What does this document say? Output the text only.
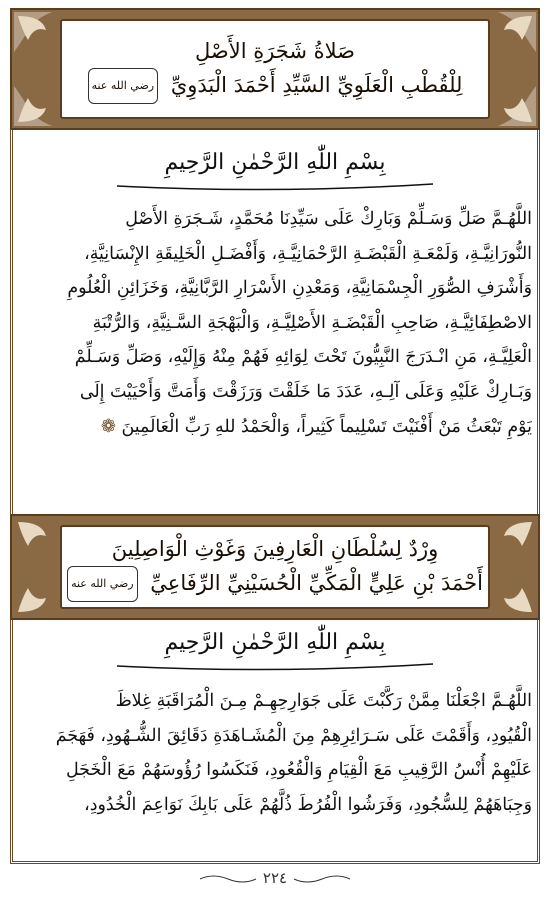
صَلاةُ شَجَرَةِ الأَصْلِ
لِلْقُطْبِ الْعَلَوِيِّ السَّيِّدِ أَحْمَدَ الْبَدَوِيِّ رضي الله عنه
بِسْمِ اللّٰهِ الرَّحْمٰنِ الرَّحِيمِ
اللَّهُـمَّ صَلِّ وَسَـلِّمْ وَبَارِكْ عَلَى سَيِّدِنَا مُحَمَّدٍ، شَـجَرَةِ الأَصْلِ
النُّورَانِيَّـةِ، وَلَمْعَـةِ الْقَبْضَـةِ الرَّحْمَانِيَّـةِ، وَأَفْضَـلِ الْخَلِيقَةِ الإِنْسَانِيَّةِ،
وَأَشْرَفِ الصُّوَرِ الْجِسْمَانِيَّةِ، وَمَعْدِنِ الأَسْرَارِ الرَّبَّانِيَّةِ، وَخَزَائِنِ الْعُلُومِ
الاصْطِفَائِيَّـةِ، صَاحِبِ الْقَبْضَـةِ الأَصْلِيَّـةِ، وَالْبَهْجَةِ السَّـنِيَّةِ، وَالرُّتْبَةِ
الْعَلِيَّـةِ، مَنِ انْـدَرَجَ النَّبِيُّونَ تَحْتَ لِوَائِهِ فَهُمْ مِنْهُ وَإِلَيْهِ، وَصَلِّ وَسَـلِّمْ
وَبَـارِكْ عَلَيْهِ وَعَلَى آلِـهِ، عَدَدَ مَا خَلَقْتَ وَرَزَقْتَ وَأَمَتَّ وَأَحْيَيْتَ إِلَى
يَوْمِ تَبْعَثُ مَنْ أَفْنَيْتَ تَسْلِيماً كَثِيراً، وَالْحَمْدُ للهِ رَبِّ الْعَالَمِينَ ❁
وِرْدٌ لِسُلْطَانِ الْعَارِفِينَ وَغَوْثِ الْوَاصِلِينَ
أَحْمَدَ بْنِ عَلِيٍّ الْمَكِّيِّ الْحُسَيْنِيِّ الرِّفَاعِيِّ رضي الله عنه
بِسْمِ اللّٰهِ الرَّحْمٰنِ الرَّحِيمِ
اللَّهُـمَّ اجْعَلْنَا مِمَّنْ رَكَّبْتَ عَلَى جَوَارِحِهِـمْ مِـنَ الْمُرَاقَبَةِ غِلاظَ
الْقُيُودِ، وَأَقَمْتَ عَلَى سَـرَائِرِهِمْ مِنَ الْمُشَـاهَدَةِ دَقَائِقَ الشُّـهُودِ، فَهَجَمَ
عَلَيْهِمْ أُنْسُ الرَّقِيبِ مَعَ الْقِيَامِ وَالْقُعُودِ، فَنَكَسُوا رُؤُوسَهُمْ مَعَ الْخَجَلِ
وَجِبَاهَهُمْ لِلسُّجُودِ، وَفَرَشُوا الْفُرُطَ ذُلَّهُمْ عَلَى بَابِكَ نَوَاعِمَ الْخُدُودِ،
٢٢٤
